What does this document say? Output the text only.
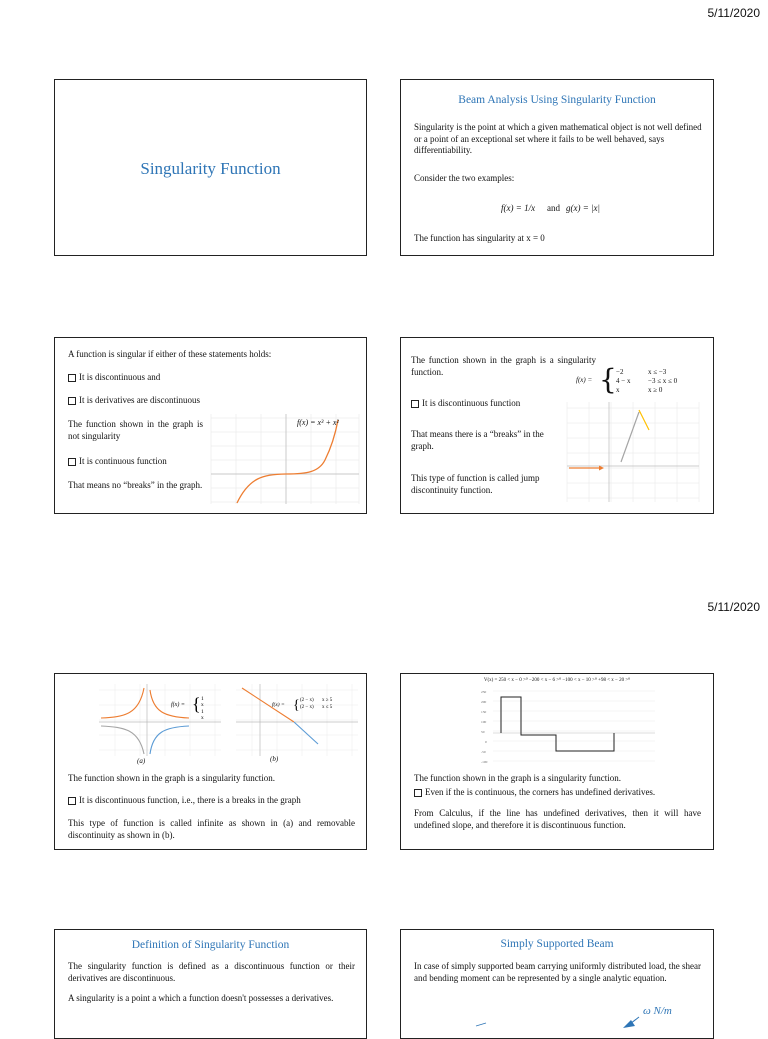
5/11/2020
Singularity Function
Beam Analysis Using Singularity Function
Singularity is the point at which a given mathematical object is not well defined or a point of an exceptional set where it fails to be well behaved, says differentiability.
Consider the two examples:
f(x) = 1/x and g(x) = |x|
The function has singularity at x = 0
A function is singular if either of these statements holds:
It is discontinuous and
It is derivatives are discontinuous
The function shown in the graph is not singularity
It is continuous function
That means no “breaks” in the graph.
f(x) = x³ + x²
The function shown in the graph is a singularity function.
It is discontinuous function
That means there is a “breaks” in the graph.
This type of function is called jump discontinuity function.
f(x) = { −2
4 − x
x
x ≤ −3
−3 ≤ x ≤ 0
x ≥ 0
5/11/2020
f(x) = { 1
x
1
x
f(x) = { (2 − x)
(2 − x)
x ≥ 5
x ≤ 5
(a)	(b)
The function shown in the graph is a singularity function.
It is discontinuous function, i.e., there is a breaks in the graph
This type of function is called infinite as shown in (a) and removable discontinuity as shown in (b).
V(x) = 250 < x − 0 >⁰ −200 < x − 6 >⁰ −100 < x − 10 >⁰ +98 < x − 20 >⁰
250
200
150
100
50
0
-50
-100
The function shown in the graph is a singularity function.
Even if the is continuous, the corners has undefined derivatives.
From Calculus, if the line has undefined derivatives, then it will have undefined slope, and therefore it is discontinuous function.
Definition of Singularity Function
The singularity function is defined as a discontinuous function or their derivatives are discontinuous.
A singularity is a point a which a function doesn't possesses a derivatives.
Simply Supported Beam
In case of simply supported beam carrying uniformly distributed load, the shear and bending moment can be represented by a single analytic equation.
ω N/m
